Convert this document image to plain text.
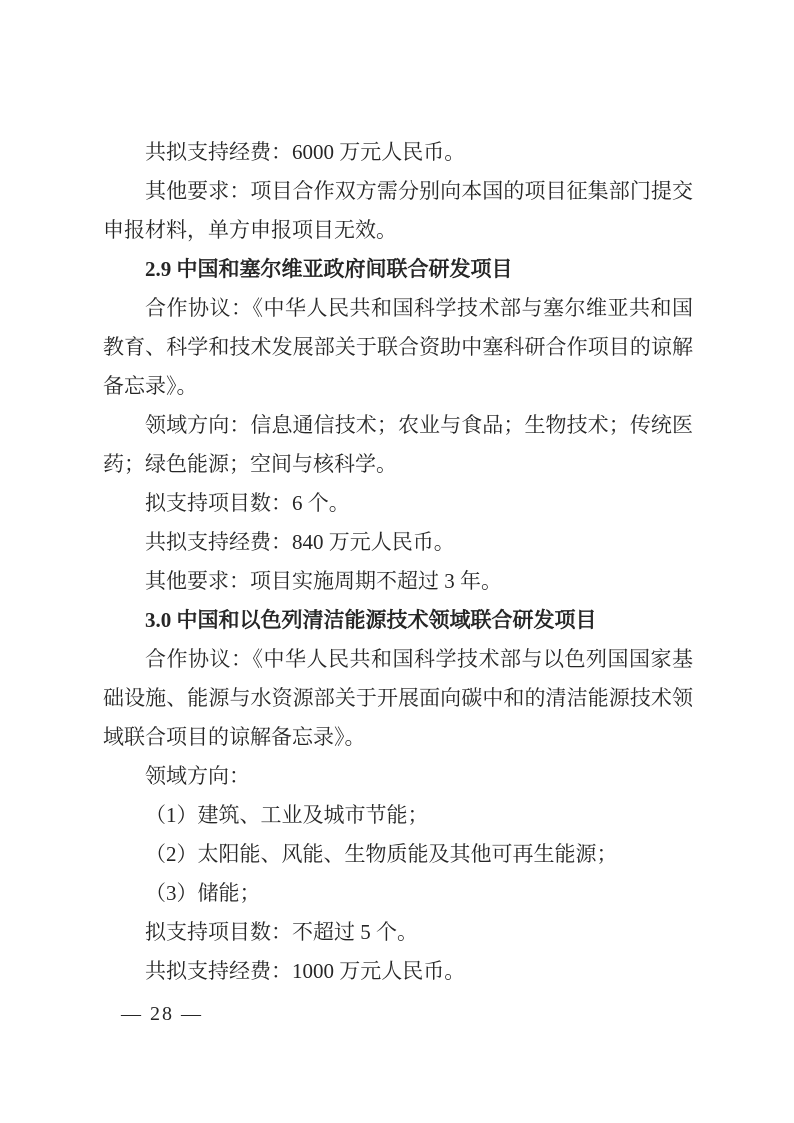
共拟支持经费：6000 万元人民币。

其他要求：项目合作双方需分别向本国的项目征集部门提交申报材料，单方申报项目无效。

2.9 中国和塞尔维亚政府间联合研发项目

合作协议：《中华人民共和国科学技术部与塞尔维亚共和国教育、科学和技术发展部关于联合资助中塞科研合作项目的谅解备忘录》。

领域方向：信息通信技术；农业与食品；生物技术；传统医药；绿色能源；空间与核科学。

拟支持项目数：6 个。

共拟支持经费：840 万元人民币。

其他要求：项目实施周期不超过 3 年。

3.0 中国和以色列清洁能源技术领域联合研发项目

合作协议：《中华人民共和国科学技术部与以色列国国家基础设施、能源与水资源部关于开展面向碳中和的清洁能源技术领域联合项目的谅解备忘录》。

领域方向：

（1）建筑、工业及城市节能；

（2）太阳能、风能、生物质能及其他可再生能源；

（3）储能；

拟支持项目数：不超过 5 个。

共拟支持经费：1000 万元人民币。

— 28 —
